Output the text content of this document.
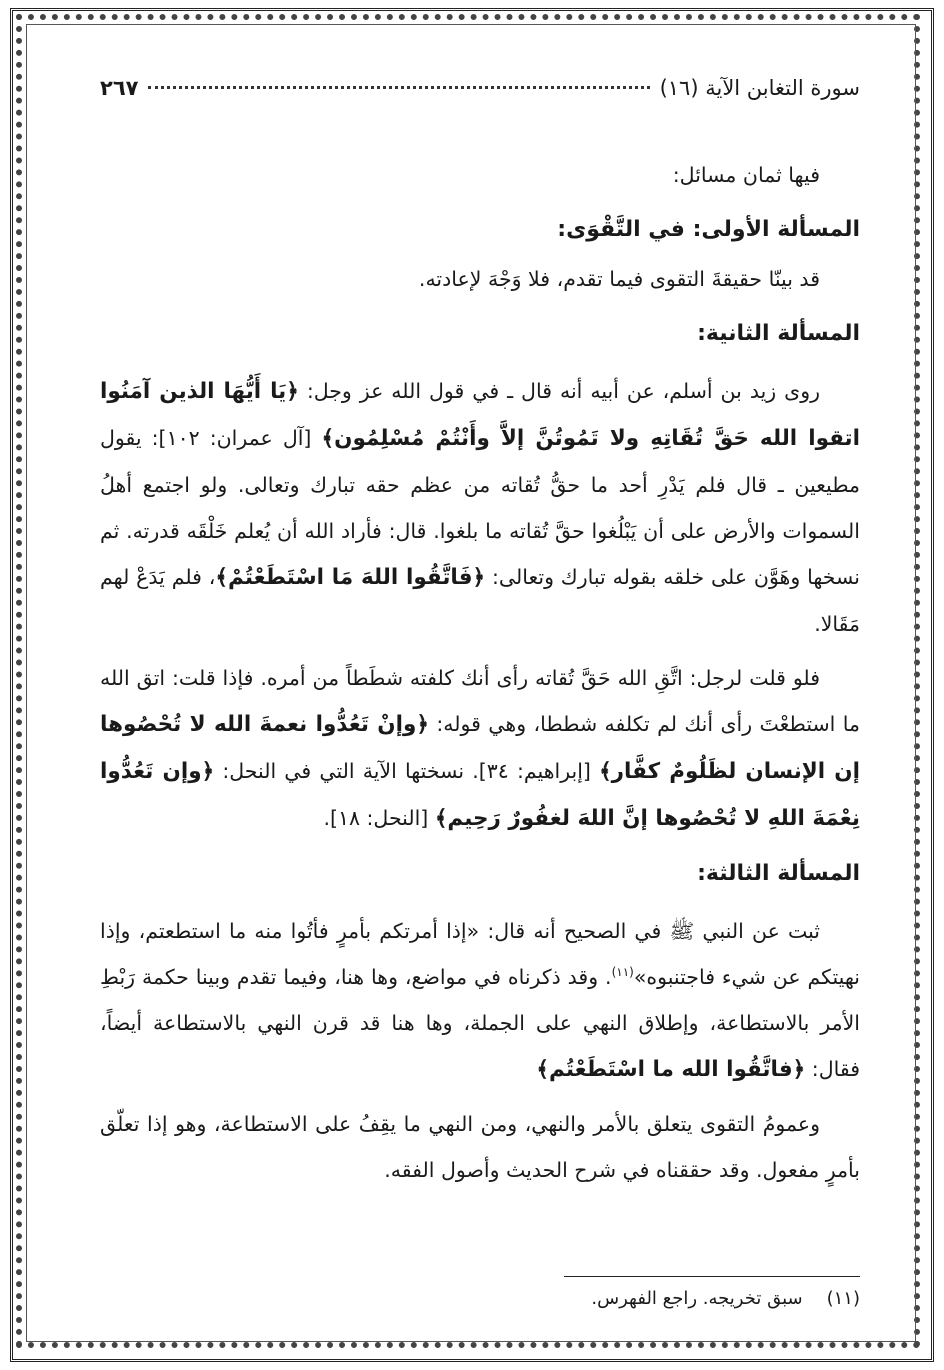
سورة التغابن الآية (١٦)
٢٦٧

فيها ثمان مسائل:

المسألة الأولى: في التَّقْوَى:

قد بينّا حقيقةَ التقوى فيما تقدم، فلا وَجْهَ لإعادته.

المسألة الثانية:

روى زيد بن أسلم، عن أبيه أنه قال ـ في قول الله عز وجل: ﴿يَا أَيُّهَا الذين آمَنُوا اتقوا الله حَقَّ تُقَاتِهِ ولا تَمُوتُنَّ إلاَّ وأَنْتُمْ مُسْلِمُون﴾ [آل عمران: ١٠٢]: يقول مطيعين ـ قال فلم يَدْرِ أحد ما حقُّ تُقاته من عظم حقه تبارك وتعالى. ولو اجتمع أهلُ السموات والأرض على أن يَبْلُغوا حقَّ تُقاته ما بلغوا. قال: فأراد الله أن يُعلم خَلْقَه قدرته. ثم نسخها وهَوَّن على خلقه بقوله تبارك وتعالى: ﴿فَاتَّقُوا اللهَ مَا اسْتَطَعْتُمْ﴾، فلم يَدَعْ لهم مَقَالا.

فلو قلت لرجل: اتَّقِ الله حَقَّ تُقاته رأى أنك كلفته شطَطاً من أمره. فإذا قلت: اتق الله ما استطعْتَ رأى أنك لم تكلفه شططا، وهي قوله: ﴿وإنْ تَعُدُّوا نعمةَ الله لا تُحْصُوها إن الإنسان لظَلُومٌ كفَّار﴾ [إبراهيم: ٣٤]. نسختها الآية التي في النحل: ﴿وإن تَعُدُّوا نِعْمَةَ اللهِ لا تُحْصُوها إنَّ اللهَ لغفُورٌ رَحِيم﴾ [النحل: ١٨].

المسألة الثالثة:

ثبت عن النبي ﷺ في الصحيح أنه قال: «إذا أمرتكم بأمرٍ فأتُوا منه ما استطعتم، وإذا نهيتكم عن شيء فاجتنبوه»$^{(١١)}$. وقد ذكرناه في مواضع، وها هنا، وفيما تقدم وبينا حكمة رَبْطِ الأمر بالاستطاعة، وإطلاق النهي على الجملة، وها هنا قد قرن النهي بالاستطاعة أيضاً، فقال: ﴿فاتَّقُوا الله ما اسْتَطَعْتُم﴾

وعمومُ التقوى يتعلق بالأمر والنهي، ومن النهي ما يقِفُ على الاستطاعة، وهو إذا تعلّق بأمرٍ مفعول. وقد حققناه في شرح الحديث وأصول الفقه.

(١١)سبق تخريجه. راجع الفهرس.
